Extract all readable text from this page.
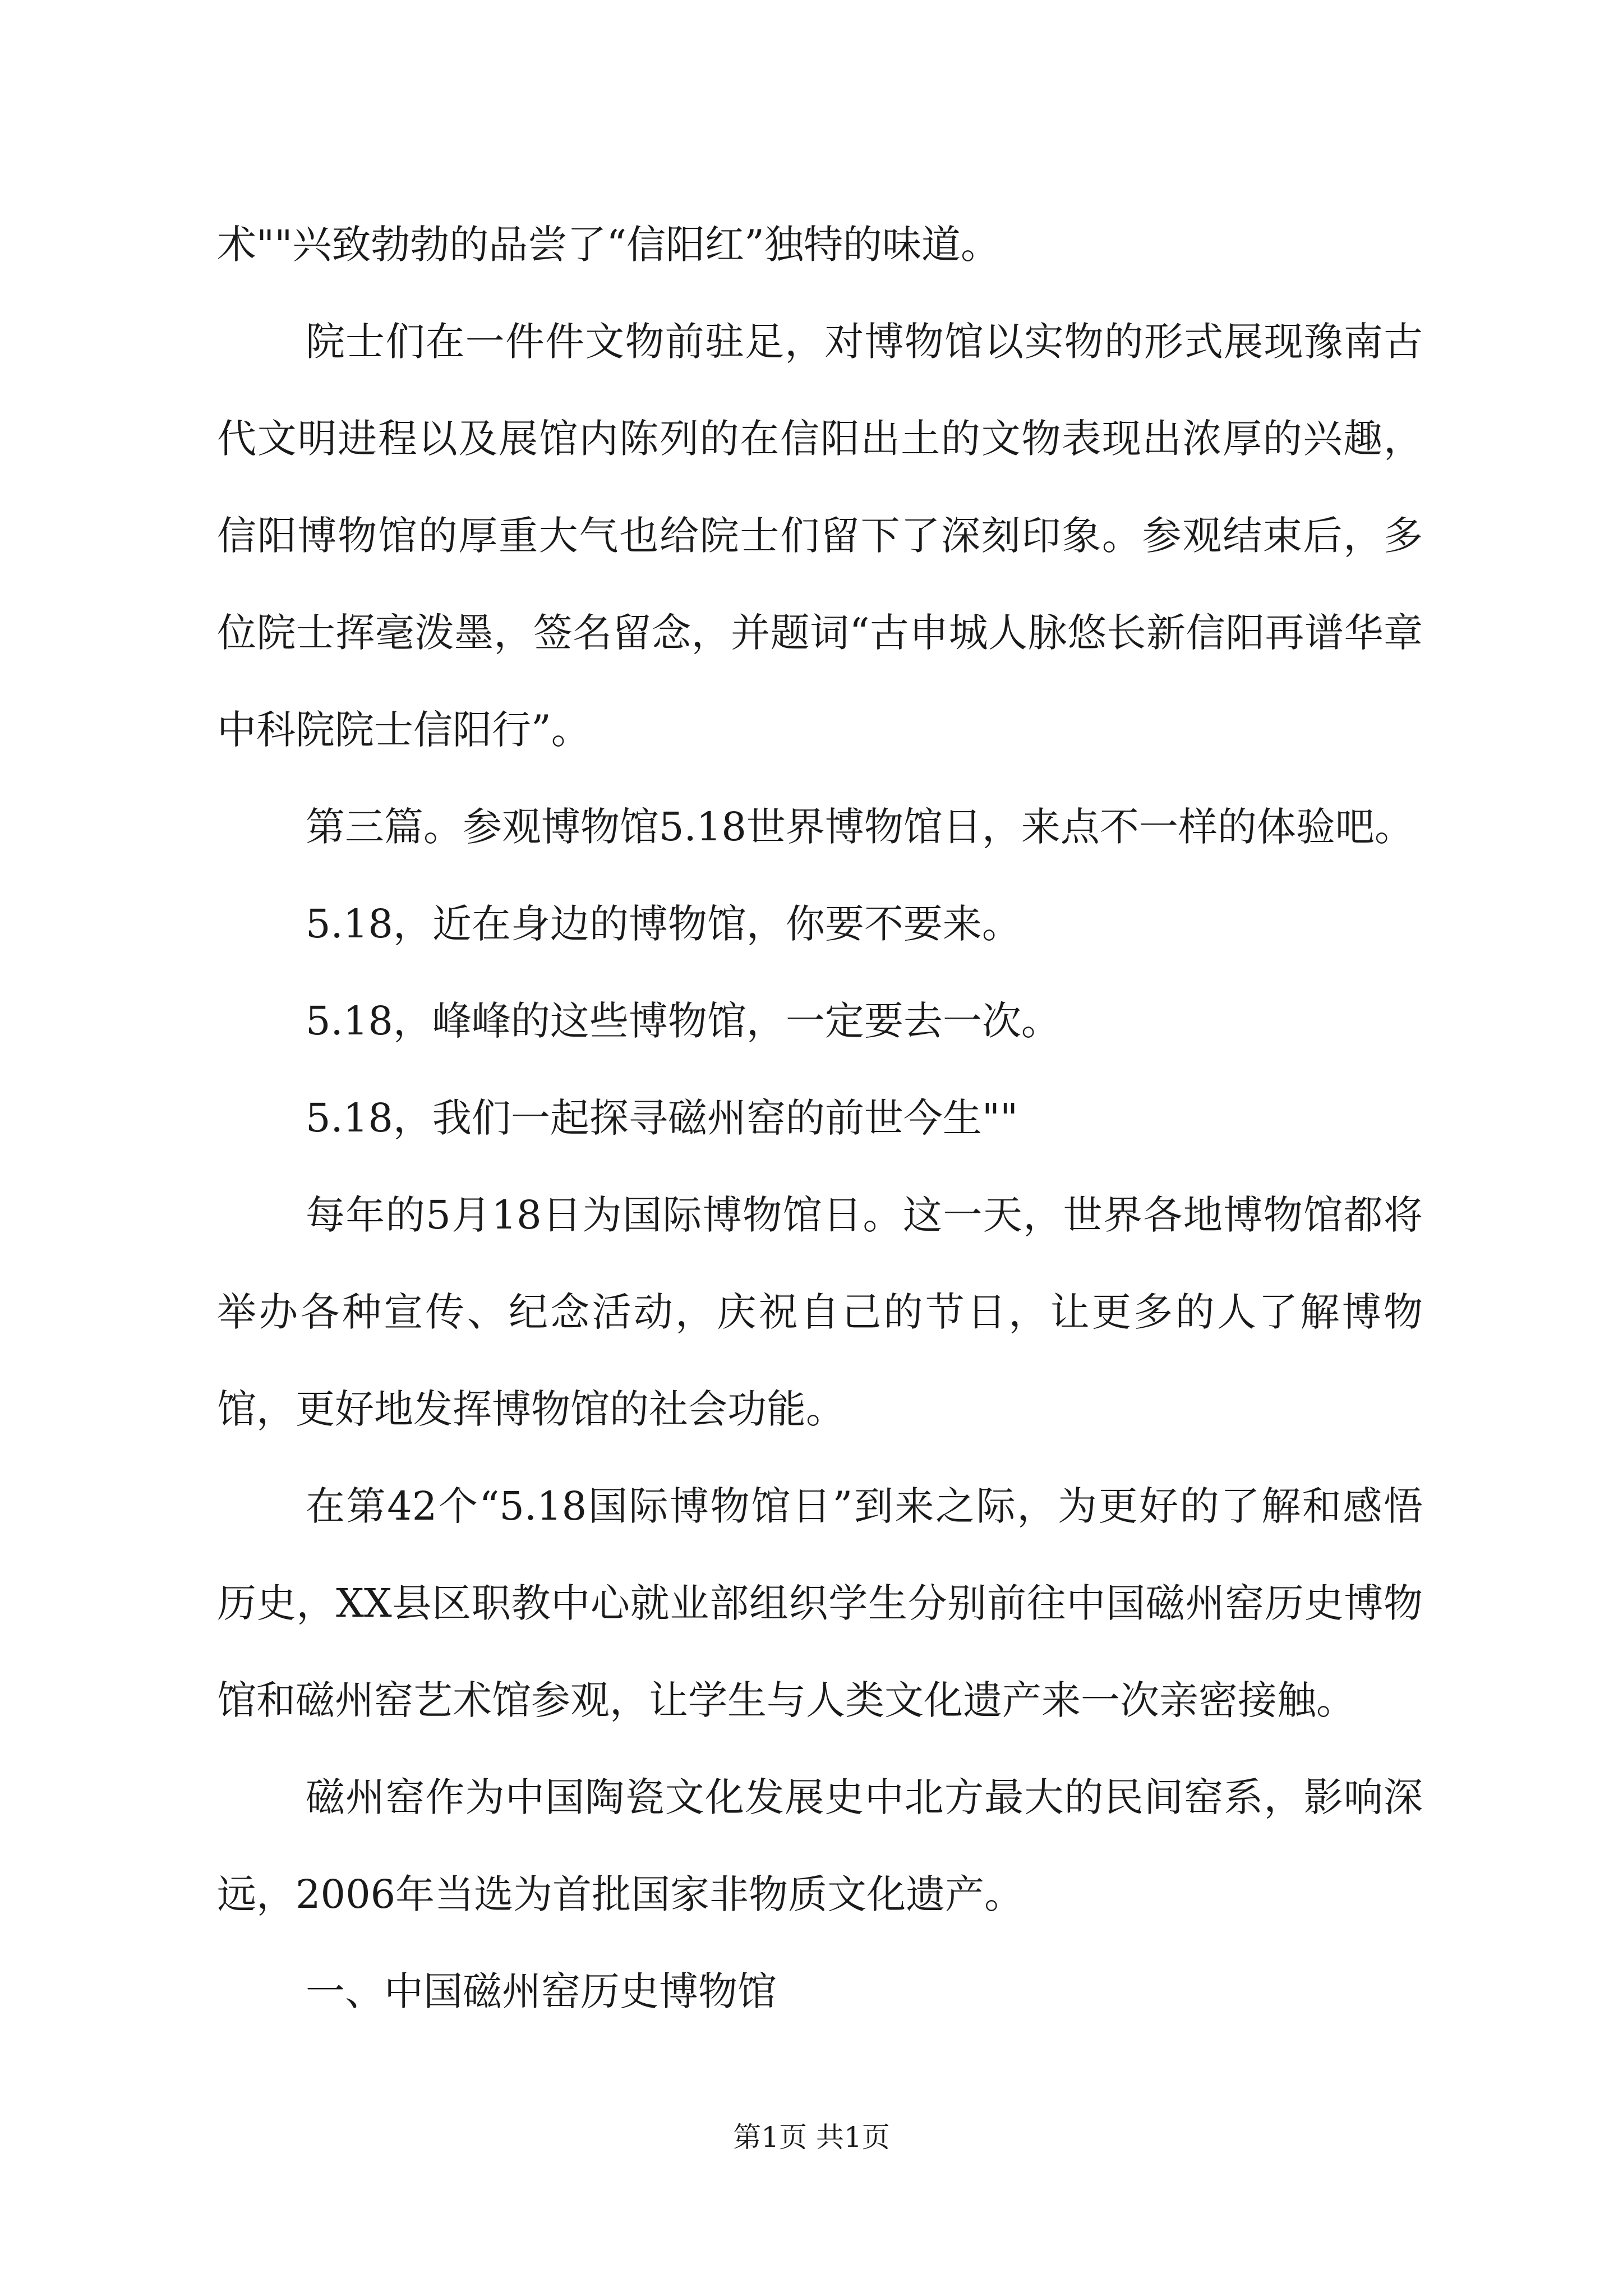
术""兴致勃勃的品尝了“信阳红”独特的味道。

院士们在一件件文物前驻足，对博物馆以实物的形式展现豫南古代文明进程以及展馆内陈列的在信阳出土的文物表现出浓厚的兴趣，信阳博物馆的厚重大气也给院士们留下了深刻印象。参观结束后，多位院士挥毫泼墨，签名留念，并题词“古申城人脉悠长新信阳再谱华章中科院院士信阳行”。

第三篇。参观博物馆5.18世界博物馆日，来点不一样的体验吧。

5.18，近在身边的博物馆，你要不要来。

5.18，峰峰的这些博物馆，一定要去一次。

5.18，我们一起探寻磁州窑的前世今生""

每年的5月18日为国际博物馆日。这一天，世界各地博物馆都将举办各种宣传、纪念活动，庆祝自己的节日，让更多的人了解博物馆，更好地发挥博物馆的社会功能。

在第42个“5.18国际博物馆日”到来之际，为更好的了解和感悟历史，XX县区职教中心就业部组织学生分别前往中国磁州窑历史博物馆和磁州窑艺术馆参观，让学生与人类文化遗产来一次亲密接触。

磁州窑作为中国陶瓷文化发展史中北方最大的民间窑系，影响深远，2006年当选为首批国家非物质文化遗产。

一、中国磁州窑历史博物馆

第1页 共1页
